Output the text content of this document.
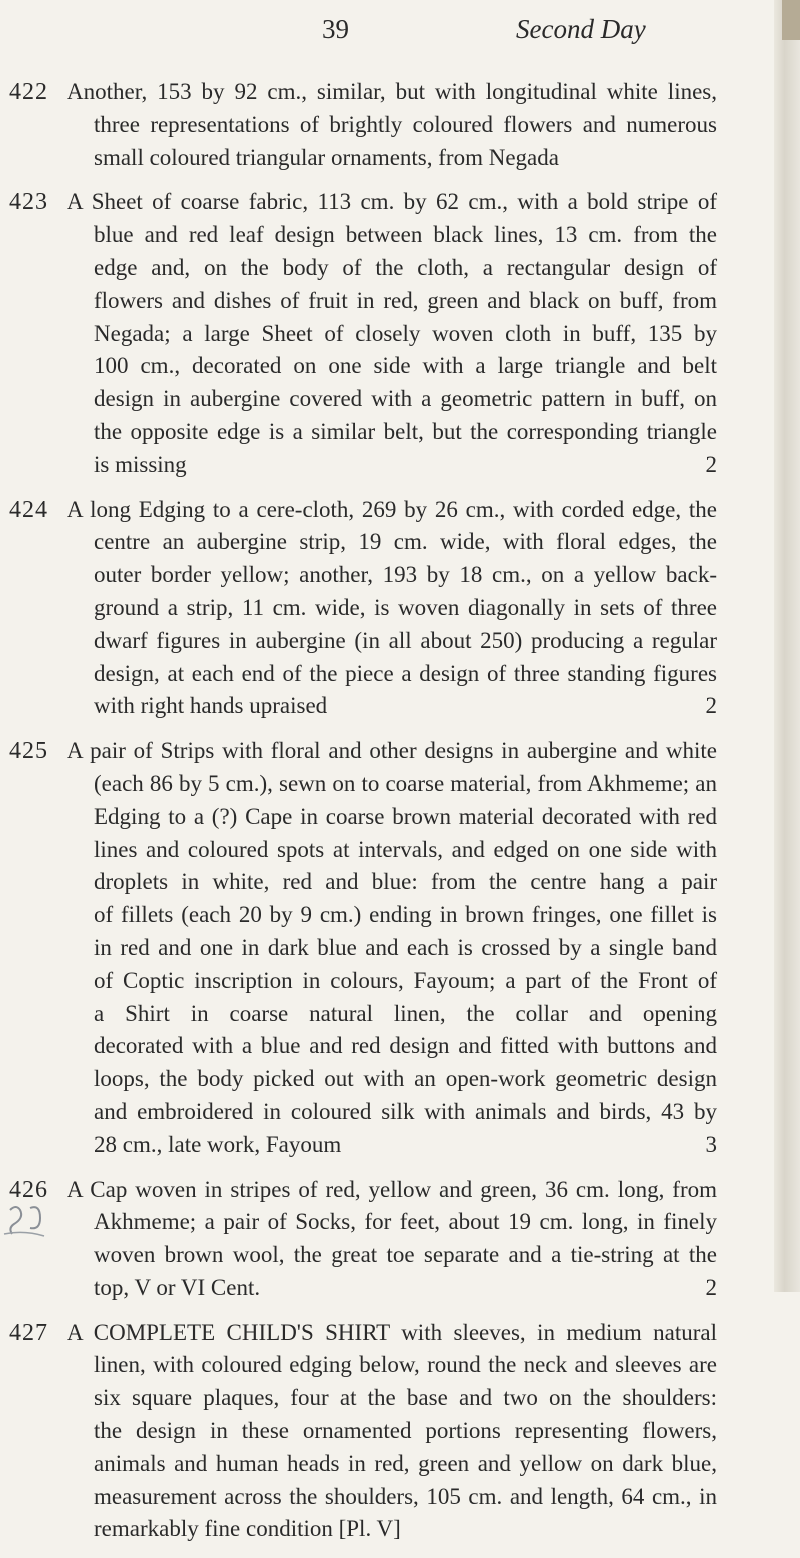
39	Second Day
422 Another, 153 by 92 cm., similar, but with longitudinal white lines,
three representations of brightly coloured flowers and numerous
small coloured triangular ornaments, from Negada
423 A Sheet of coarse fabric, 113 cm. by 62 cm., with a bold stripe of
blue and red leaf design between black lines, 13 cm. from the
edge and, on the body of the cloth, a rectangular design of
flowers and dishes of fruit in red, green and black on buff, from
Negada; a large Sheet of closely woven cloth in buff, 135 by
100 cm., decorated on one side with a large triangle and belt
design in aubergine covered with a geometric pattern in buff, on
the opposite edge is a similar belt, but the corresponding triangle
2
is missing
424 A long Edging to a cere-cloth, 269 by 26 cm., with corded edge, the
centre an aubergine strip, 19 cm. wide, with floral edges, the
outer border yellow; another, 193 by 18 cm., on a yellow back-
ground a strip, 11 cm. wide, is woven diagonally in sets of three
dwarf figures in aubergine (in all about 250) producing a regular
design, at each end of the piece a design of three standing figures
2
with right hands upraised
425 A pair of Strips with floral and other designs in aubergine and white
(each 86 by 5 cm.), sewn on to coarse material, from Akhmeme; an
Edging to a (?) Cape in coarse brown material decorated with red
lines and coloured spots at intervals, and edged on one side with
droplets in white, red and blue: from the centre hang a pair
of fillets (each 20 by 9 cm.) ending in brown fringes, one fillet is
in red and one in dark blue and each is crossed by a single band
of Coptic inscription in colours, Fayoum; a part of the Front of
a Shirt in coarse natural linen, the collar and opening
decorated with a blue and red design and fitted with buttons and
loops, the body picked out with an open-work geometric design
and embroidered in coloured silk with animals and birds, 43 by
3
28 cm., late work, Fayoum
426 A Cap woven in stripes of red, yellow and green, 36 cm. long, from
Akhmeme; a pair of Socks, for feet, about 19 cm. long, in finely
woven brown wool, the great toe separate and a tie-string at the
2
top, V or VI Cent.
427 A COMPLETE CHILD'S SHIRT with sleeves, in medium natural
linen, with coloured edging below, round the neck and sleeves are
six square plaques, four at the base and two on the shoulders:
the design in these ornamented portions representing flowers,
animals and human heads in red, green and yellow on dark blue,
measurement across the shoulders, 105 cm. and length, 64 cm., in
remarkably fine condition [Pl. V]
